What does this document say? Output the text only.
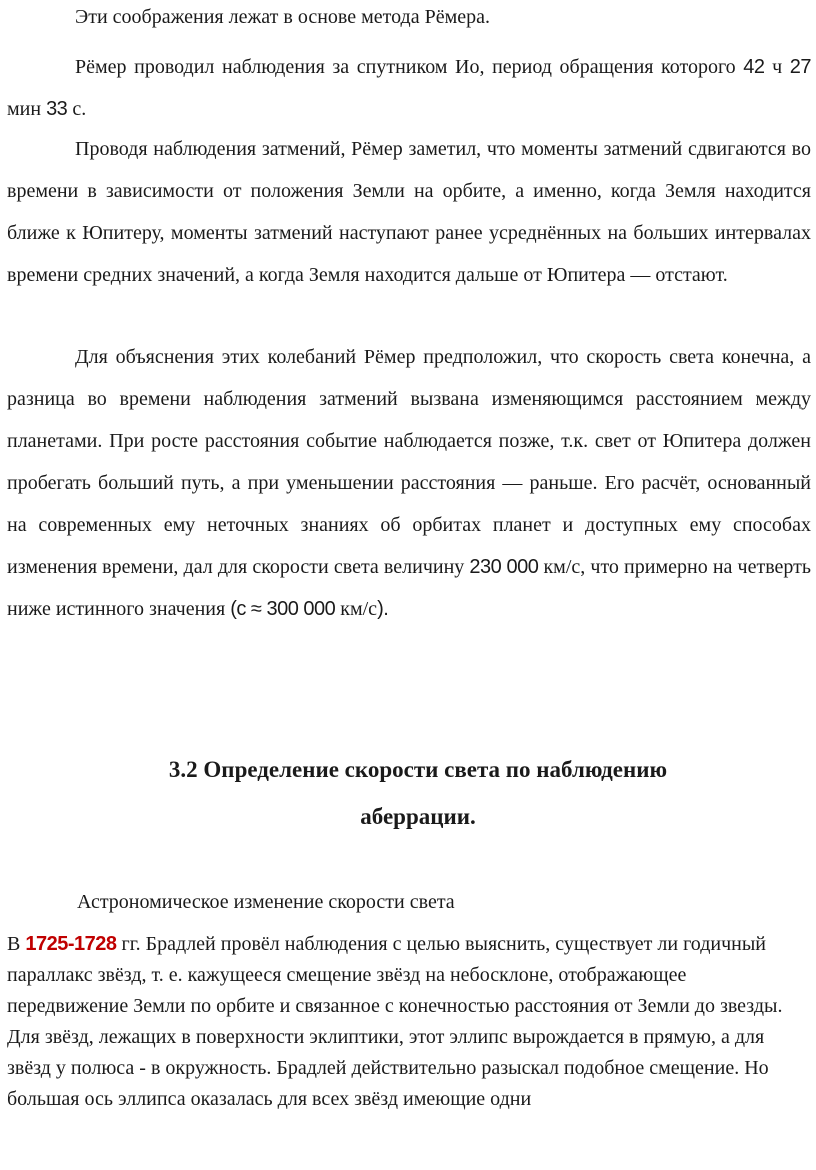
Эти соображения лежат в основе метода Рёмера.

Рёмер проводил наблюдения за спутником Ио, период обращения которого 42 ч 27 мин 33 с.

Проводя наблюдения затмений, Рёмер заметил, что моменты затмений сдвигаются во времени в зависимости от положения Земли на орбите, а именно, когда Земля находится ближе к Юпитеру, моменты затмений наступают ранее усреднённых на больших интервалах времени средних значений, а когда Земля находится дальше от Юпитера — отстают.

Для объяснения этих колебаний Рёмер предположил, что скорость света конечна, а разница во времени наблюдения затмений вызвана изменяющимся расстоянием между планетами. При росте расстояния событие наблюдается позже, т.к. свет от Юпитера должен пробегать больший путь, а при уменьшении расстояния — раньше. Его расчёт, основанный на современных ему неточных знаниях об орбитах планет и доступных ему способах изменения времени, дал для скорости света величину 230 000 км/с, что примерно на четверть ниже истинного значения (с ≈ 300 000 км/с).

3.2 Определение скорости света по наблюдению
аберрации.
Астрономическое изменение скорости света

В 1725-1728 гг. Брадлей провёл наблюдения с целью выяснить, существует ли годичный параллакс звёзд, т. е. кажущееся смещение звёзд на небосклоне, отображающее передвижение Земли по орбите и связанное с конечностью расстояния от Земли до звезды. Для звёзд, лежащих в поверхности эклиптики, этот эллипс вырождается в прямую, а для звёзд у полюса - в окружность. Брадлей действительно разыскал подобное смещение. Но большая ось эллипса оказалась для всех звёзд имеющие одни
